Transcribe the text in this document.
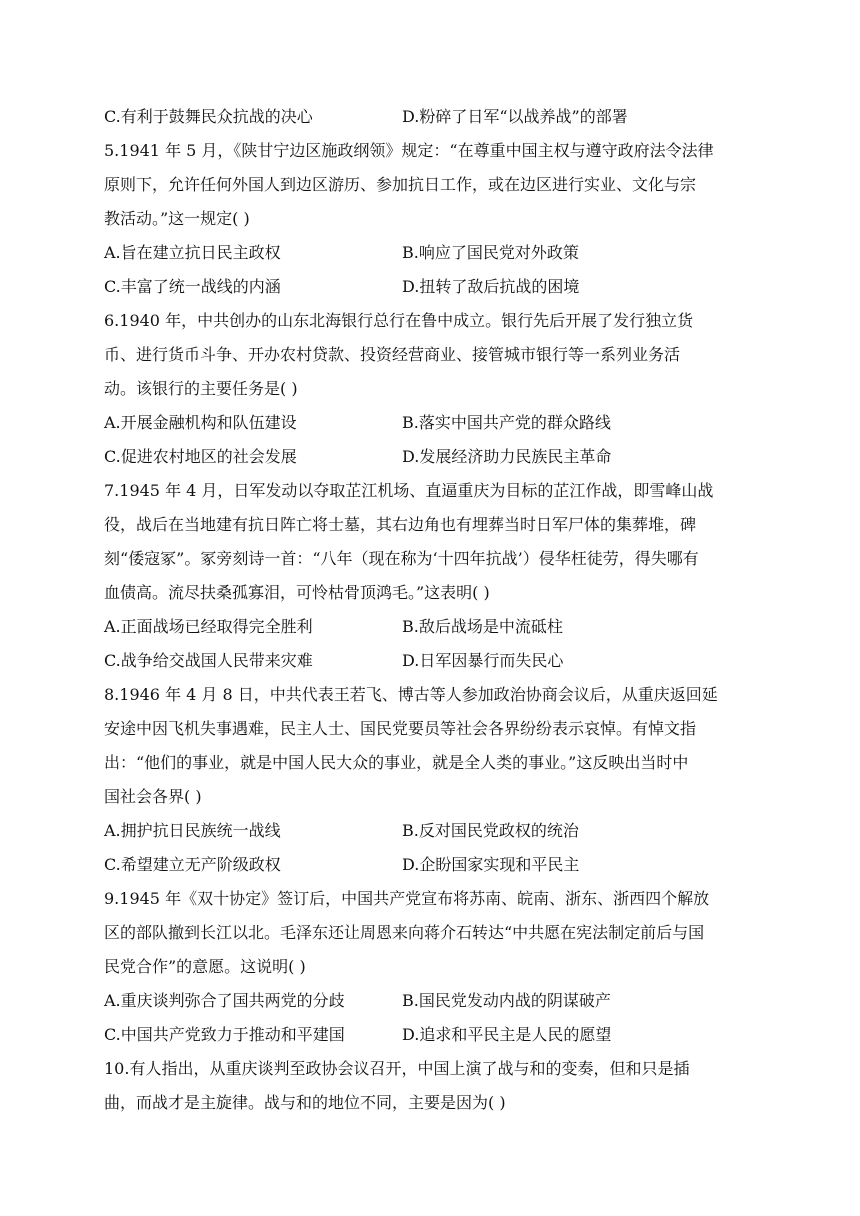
C.有利于鼓舞民众抗战的决心	D.粉碎了日军“以战养战”的部署
5.1941 年 5 月，《陕甘宁边区施政纲领》规定：“在尊重中国主权与遵守政府法令法律
原则下，允许任何外国人到边区游历、参加抗日工作，或在边区进行实业、文化与宗
教活动。”这一规定( )
A.旨在建立抗日民主政权	B.响应了国民党对外政策
C.丰富了统一战线的内涵	D.扭转了敌后抗战的困境
6.1940 年，中共创办的山东北海银行总行在鲁中成立。银行先后开展了发行独立货
币、进行货币斗争、开办农村贷款、投资经营商业、接管城市银行等一系列业务活
动。该银行的主要任务是( )
A.开展金融机构和队伍建设	B.落实中国共产党的群众路线
C.促进农村地区的社会发展	D.发展经济助力民族民主革命
7.1945 年 4 月，日军发动以夺取芷江机场、直逼重庆为目标的芷江作战，即雪峰山战
役，战后在当地建有抗日阵亡将士墓，其右边角也有埋葬当时日军尸体的集葬堆，碑
刻“倭寇冢”。冢旁刻诗一首：“八年（现在称为‘十四年抗战’）侵华枉徒劳，得失哪有
血债高。流尽扶桑孤寡泪，可怜枯骨顶鸿毛。”这表明( )
A.正面战场已经取得完全胜利	B.敌后战场是中流砥柱
C.战争给交战国人民带来灾难	D.日军因暴行而失民心
8.1946 年 4 月 8 日，中共代表王若飞、博古等人参加政治协商会议后，从重庆返回延
安途中因飞机失事遇难，民主人士、国民党要员等社会各界纷纷表示哀悼。有悼文指
出：“他们的事业，就是中国人民大众的事业，就是全人类的事业。”这反映出当时中
国社会各界( )
A.拥护抗日民族统一战线	B.反对国民党政权的统治
C.希望建立无产阶级政权	D.企盼国家实现和平民主
9.1945 年《双十协定》签订后，中国共产党宣布将苏南、皖南、浙东、浙西四个解放
区的部队撤到长江以北。毛泽东还让周恩来向蒋介石转达“中共愿在宪法制定前后与国
民党合作”的意愿。这说明( )
A.重庆谈判弥合了国共两党的分歧	B.国民党发动内战的阴谋破产
C.中国共产党致力于推动和平建国	D.追求和平民主是人民的愿望
10.有人指出，从重庆谈判至政协会议召开，中国上演了战与和的变奏，但和只是插
曲，而战才是主旋律。战与和的地位不同，主要是因为( )
